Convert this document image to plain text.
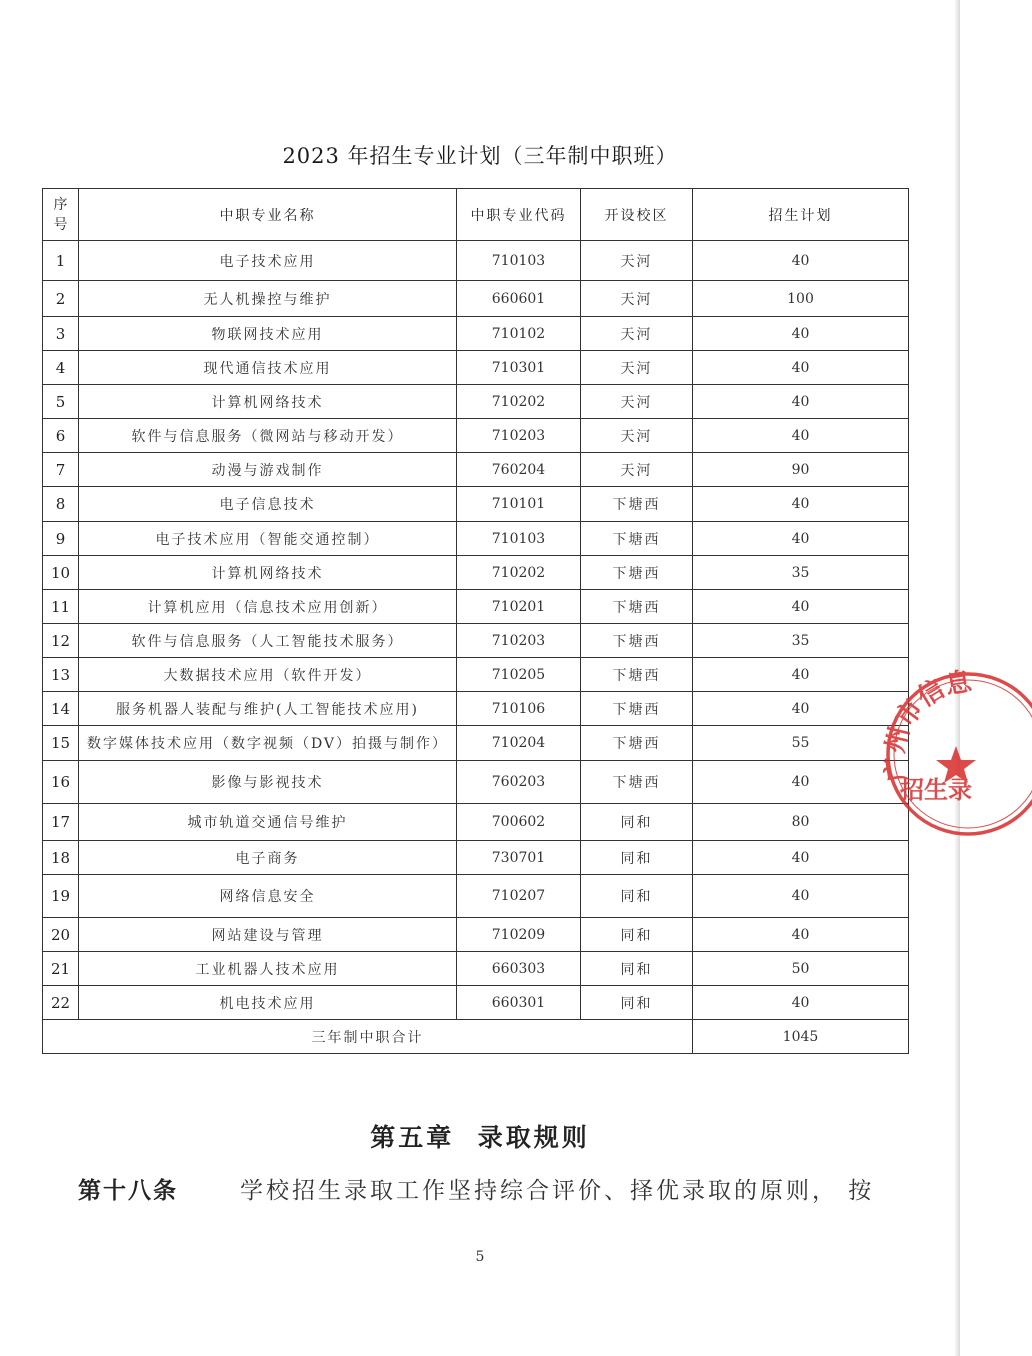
2023 年招生专业计划（三年制中职班）
序
号	中职专业名称	中职专业代码	开设校区	招生计划
1	电子技术应用	710103	天河	40
2	无人机操控与维护	660601	天河	100
3	物联网技术应用	710102	天河	40
4	现代通信技术应用	710301	天河	40
5	计算机网络技术	710202	天河	40
6	软件与信息服务（微网站与移动开发）	710203	天河	40
7	动漫与游戏制作	760204	天河	90
8	电子信息技术	710101	下塘西	40
9	电子技术应用（智能交通控制）	710103	下塘西	40
10	计算机网络技术	710202	下塘西	35
11	计算机应用（信息技术应用创新）	710201	下塘西	40
12	软件与信息服务（人工智能技术服务）	710203	下塘西	35
13	大数据技术应用（软件开发）	710205	下塘西	40
14	服务机器人装配与维护(人工智能技术应用)	710106	下塘西	40
15	数字媒体技术应用（数字视频（DV）拍摄与制作）	710204	下塘西	55
16	影像与影视技术	760203	下塘西	40
17	城市轨道交通信号维护	700602	同和	80
18	电子商务	730701	同和	40
19	网络信息安全	710207	同和	40
20	网站建设与管理	710209	同和	40
21	工业机器人技术应用	660303	同和	50
22	机电技术应用	660301	同和	40
三年制中职合计				1045
第五章  录取规则
第十八条	学校招生录取工作坚持综合评价、择优录取的原则， 按
5
广州市信息
招生录
